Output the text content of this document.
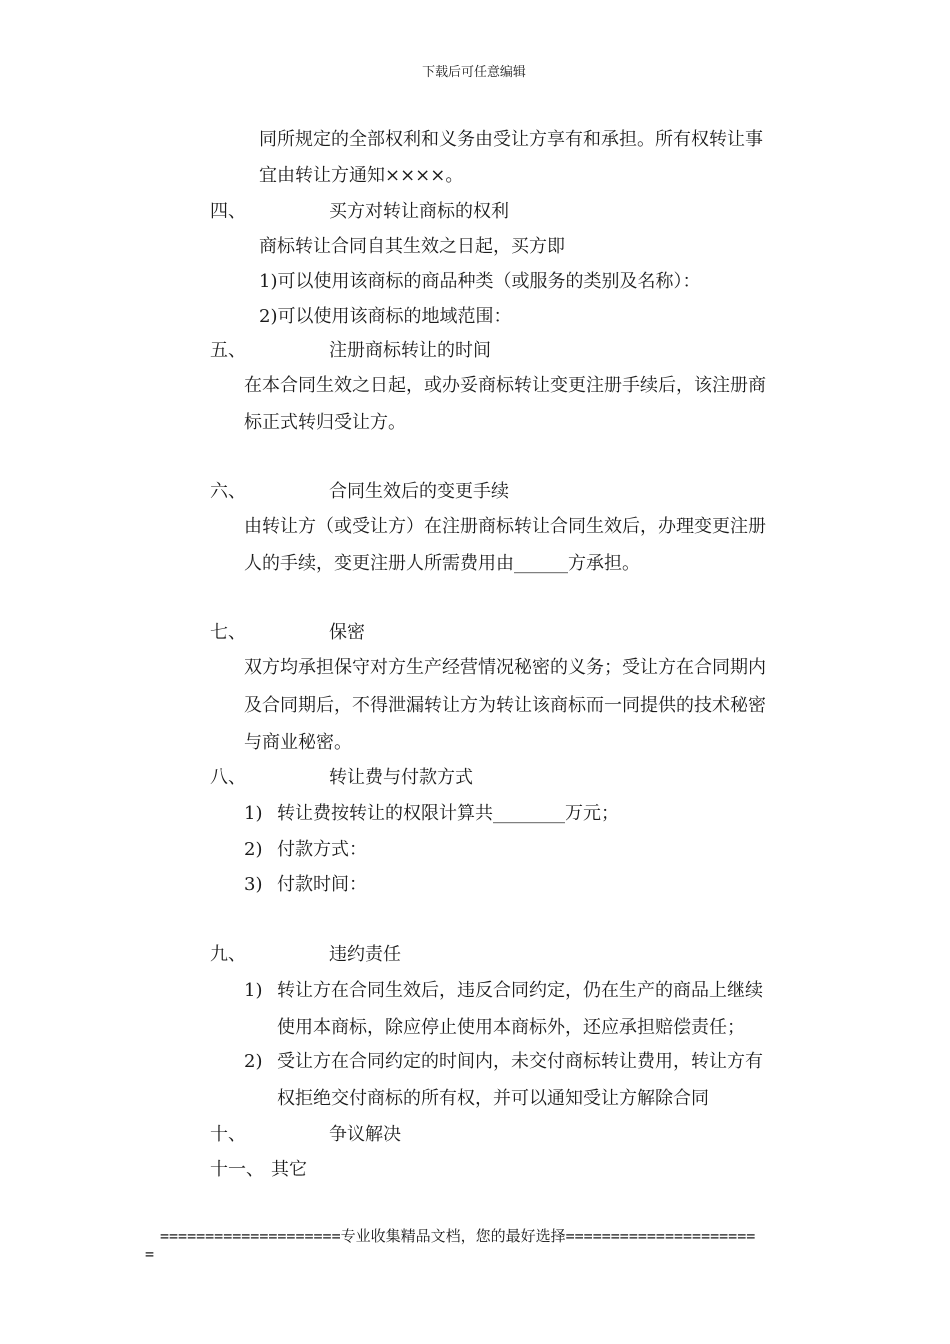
下载后可任意编辑
同所规定的全部权利和义务由受让方享有和承担。所有权转让事
宜由转让方通知××××。
四、	买方对转让商标的权利
商标转让合同自其生效之日起，买方即
1)可以使用该商标的商品种类（或服务的类别及名称）：
2)可以使用该商标的地域范围：
五、	注册商标转让的时间
在本合同生效之日起，或办妥商标转让变更注册手续后，该注册商
标正式转归受让方。
六、	合同生效后的变更手续
由转让方（或受让方）在注册商标转让合同生效后，办理变更注册
人的手续，变更注册人所需费用由______方承担。
七、	保密
双方均承担保守对方生产经营情况秘密的义务；受让方在合同期内
及合同期后，不得泄漏转让方为转让该商标而一同提供的技术秘密
与商业秘密。
八、	转让费与付款方式
1) 转让费按转让的权限计算共________万元；
2) 付款方式：
3) 付款时间：
九、	违约责任
1) 转让方在合同生效后，违反合同约定，仍在生产的商品上继续
使用本商标，除应停止使用本商标外，还应承担赔偿责任；
2) 受让方在合同约定的时间内，未交付商标转让费用，转让方有
权拒绝交付商标的所有权，并可以通知受让方解除合同
十、	争议解决
十一、 其它
====================专业收集精品文档，您的最好选择=====================
=
